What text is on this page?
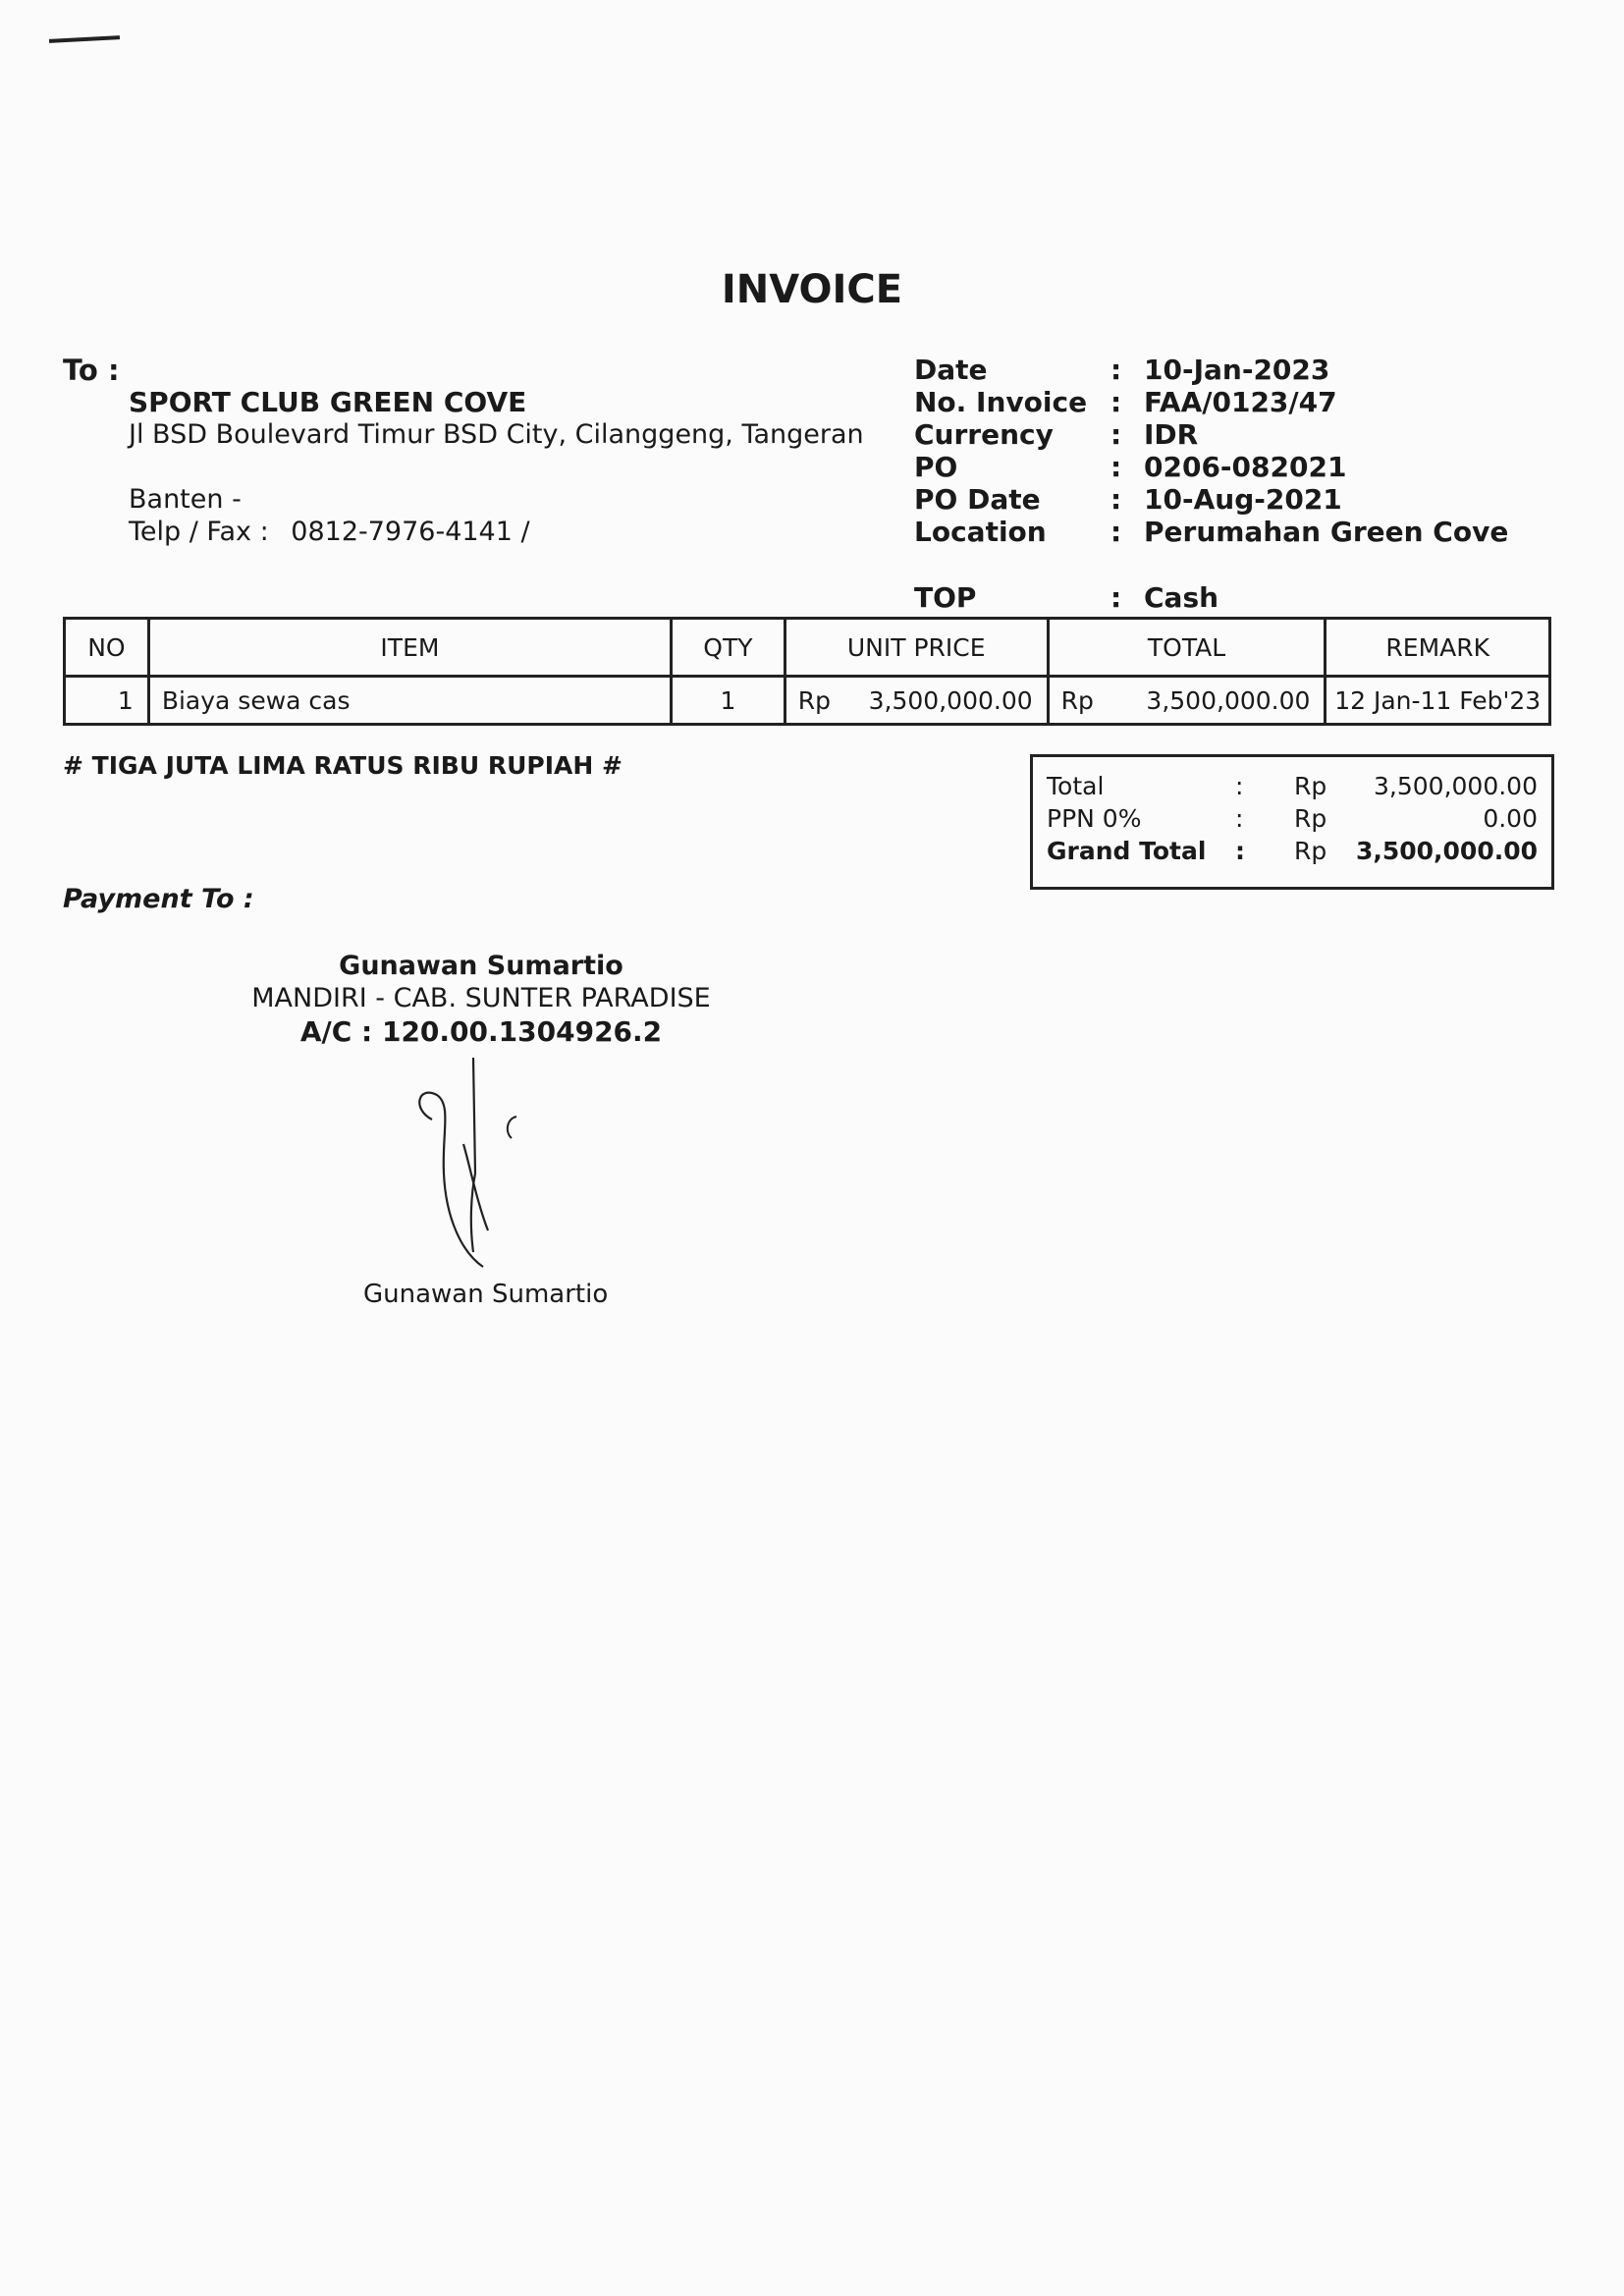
INVOICE
To :
SPORT CLUB GREEN COVE
Jl BSD Boulevard Timur BSD City, Cilanggeng, Tangeran
Banten -
Telp / Fax : 0812-7976-4141 /
Date	: 10-Jan-2023
No. Invoice : FAA/0123/47
Currency : IDR
PO	: 0206-082021
PO Date	: 10-Aug-2021
Location : Perumahan Green Cove
TOP	: Cash
NO	ITEM	QTY	UNIT PRICE	TOTAL	REMARK
1	Biaya sewa cas	1	Rp 3,500,000.00	Rp 3,500,000.00	12 Jan-11 Feb'23
# TIGA JUTA LIMA RATUS RIBU RUPIAH #
Total	: Rp 3,500,000.00
PPN 0%	: Rp	0.00
Grand Total : Rp 3,500,000.00
Payment To :
Gunawan Sumartio
MANDIRI - CAB. SUNTER PARADISE
A/C : 120.00.1304926.2
Gunawan Sumartio
